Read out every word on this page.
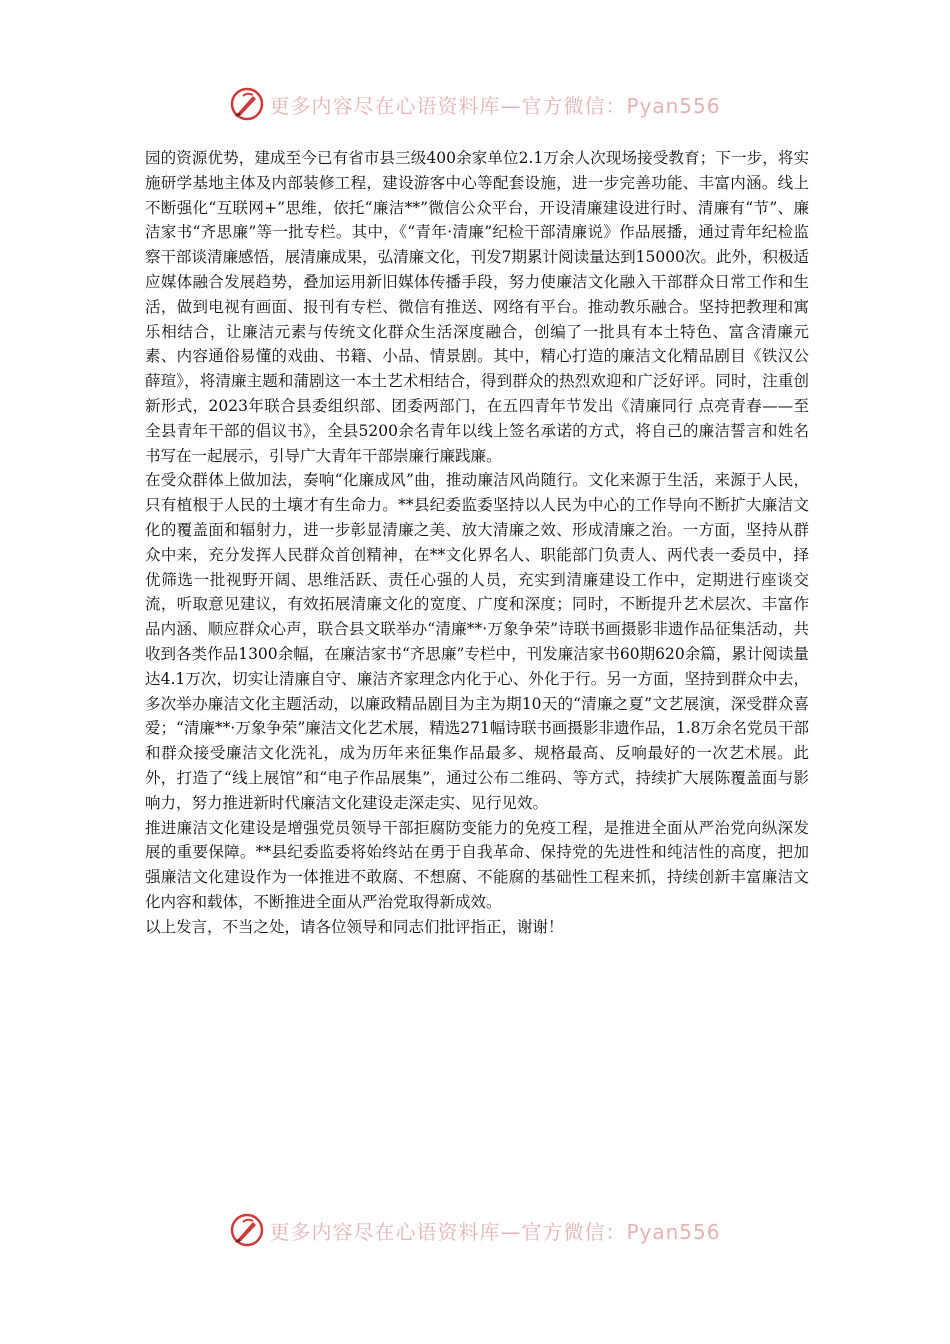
更多内容尽在心语资料库—官方微信：Pyan556

园的资源优势，建成至今已有省市县三级400余家单位2.1万余人次现场接受教育；下一步，将实施研学基地主体及内部装修工程，建设游客中心等配套设施，进一步完善功能、丰富内涵。线上不断强化“互联网+”思维，依托“廉洁**”微信公众平台，开设清廉建设进行时、清廉有“节”、廉洁家书“齐思廉”等一批专栏。其中，《“青年·清廉”纪检干部清廉说》作品展播，通过青年纪检监察干部谈清廉感悟，展清廉成果，弘清廉文化，刊发7期累计阅读量达到15000次。此外，积极适应媒体融合发展趋势，叠加运用新旧媒体传播手段，努力使廉洁文化融入干部群众日常工作和生活，做到电视有画面、报刊有专栏、微信有推送、网络有平台。推动教乐融合。坚持把教理和寓乐相结合，让廉洁元素与传统文化群众生活深度融合，创编了一批具有本土特色、富含清廉元素、内容通俗易懂的戏曲、书籍、小品、情景剧。其中，精心打造的廉洁文化精品剧目《铁汉公薛瑄》，将清廉主题和蒲剧这一本土艺术相结合，得到群众的热烈欢迎和广泛好评。同时，注重创新形式，2023年联合县委组织部、团委两部门，在五四青年节发出《清廉同行 点亮青春——至全县青年干部的倡议书》，全县5200余名青年以线上签名承诺的方式，将自己的廉洁誓言和姓名书写在一起展示，引导广大青年干部崇廉行廉践廉。

在受众群体上做加法，奏响“化廉成风”曲，推动廉洁风尚随行。文化来源于生活，来源于人民，只有植根于人民的土壤才有生命力。**县纪委监委坚持以人民为中心的工作导向不断扩大廉洁文化的覆盖面和辐射力，进一步彰显清廉之美、放大清廉之效、形成清廉之治。一方面，坚持从群众中来，充分发挥人民群众首创精神，在**文化界名人、职能部门负责人、两代表一委员中，择优筛选一批视野开阔、思维活跃、责任心强的人员，充实到清廉建设工作中，定期进行座谈交流，听取意见建议，有效拓展清廉文化的宽度、广度和深度；同时，不断提升艺术层次、丰富作品内涵、顺应群众心声，联合县文联举办“清廉**·万象争荣”诗联书画摄影非遗作品征集活动，共收到各类作品1300余幅，在廉洁家书“齐思廉”专栏中，刊发廉洁家书60期620余篇，累计阅读量达4.1万次，切实让清廉自守、廉洁齐家理念内化于心、外化于行。另一方面，坚持到群众中去，多次举办廉洁文化主题活动，以廉政精品剧目为主为期10天的“清廉之夏”文艺展演，深受群众喜爱；“清廉**·万象争荣”廉洁文化艺术展，精选271幅诗联书画摄影非遗作品，1.8万余名党员干部和群众接受廉洁文化洗礼，成为历年来征集作品最多、规格最高、反响最好的一次艺术展。此外，打造了“线上展馆”和“电子作品展集”，通过公布二维码、等方式，持续扩大展陈覆盖面与影响力，努力推进新时代廉洁文化建设走深走实、见行见效。

推进廉洁文化建设是增强党员领导干部拒腐防变能力的免疫工程，是推进全面从严治党向纵深发展的重要保障。**县纪委监委将始终站在勇于自我革命、保持党的先进性和纯洁性的高度，把加强廉洁文化建设作为一体推进不敢腐、不想腐、不能腐的基础性工程来抓，持续创新丰富廉洁文化内容和载体，不断推进全面从严治党取得新成效。

以上发言，不当之处，请各位领导和同志们批评指正，谢谢！

更多内容尽在心语资料库—官方微信：Pyan556
